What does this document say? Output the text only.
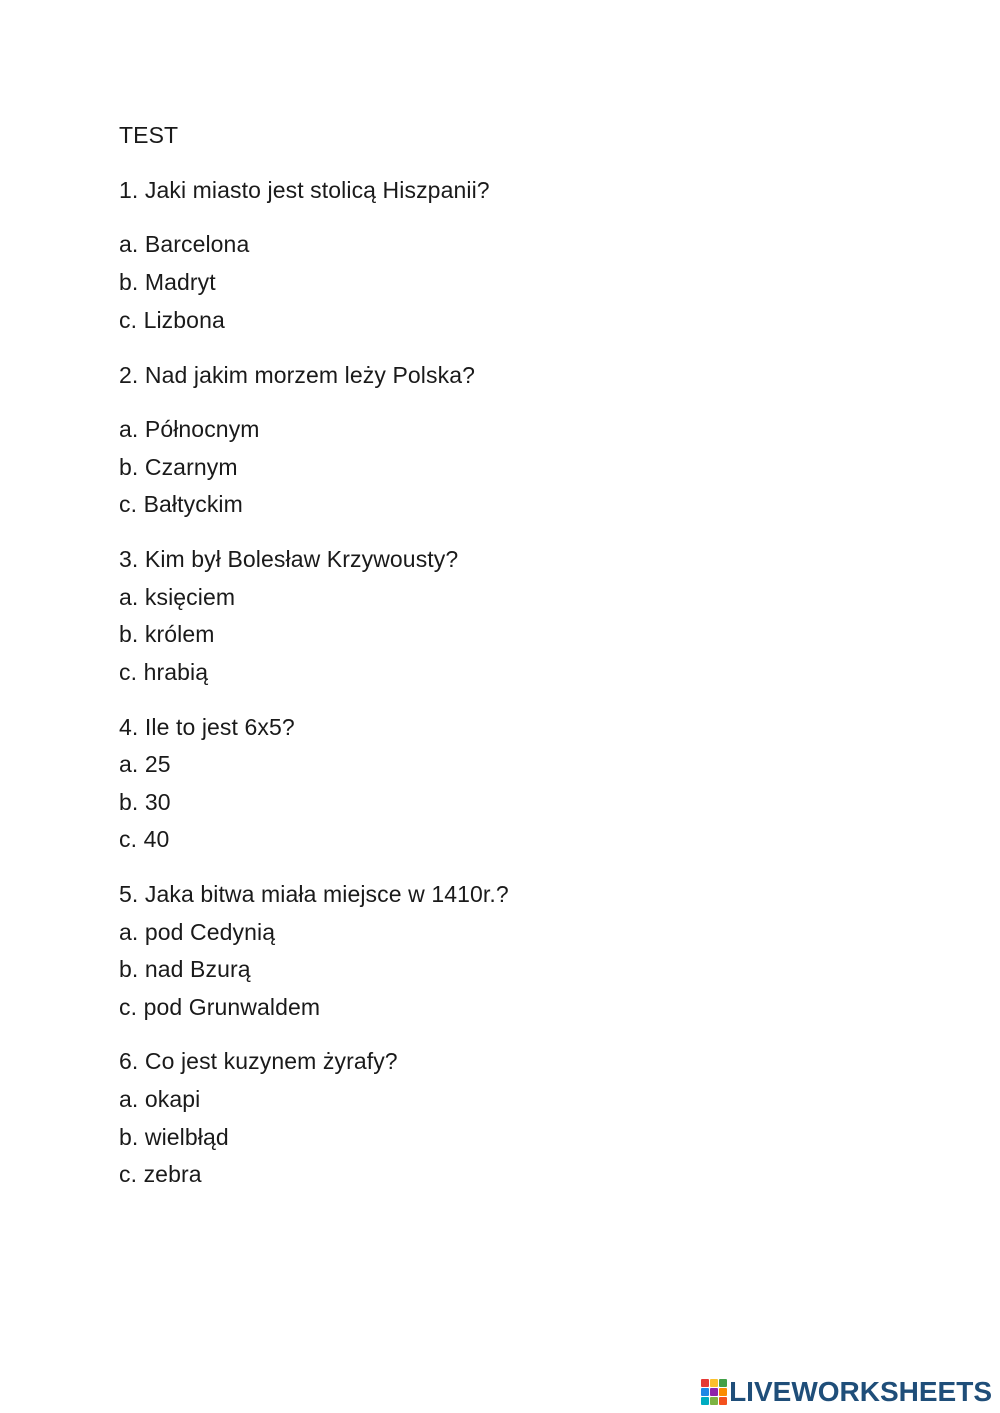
TEST
1. Jaki miasto jest stolicą Hiszpanii?
a. Barcelona
b. Madryt
c. Lizbona
2. Nad jakim morzem leży Polska?
a. Północnym
b. Czarnym
c. Bałtyckim
3. Kim był Bolesław Krzywousty?
a. księciem
b. królem
c. hrabią
4. Ile to jest 6x5?
a. 25
b. 30
c. 40
5. Jaka bitwa miała miejsce w 1410r.?
a. pod Cedynią
b. nad Bzurą
c. pod Grunwaldem
6. Co jest kuzynem żyrafy?
a. okapi
b. wielbłąd
c. zebra
LIVEWORKSHEETS
